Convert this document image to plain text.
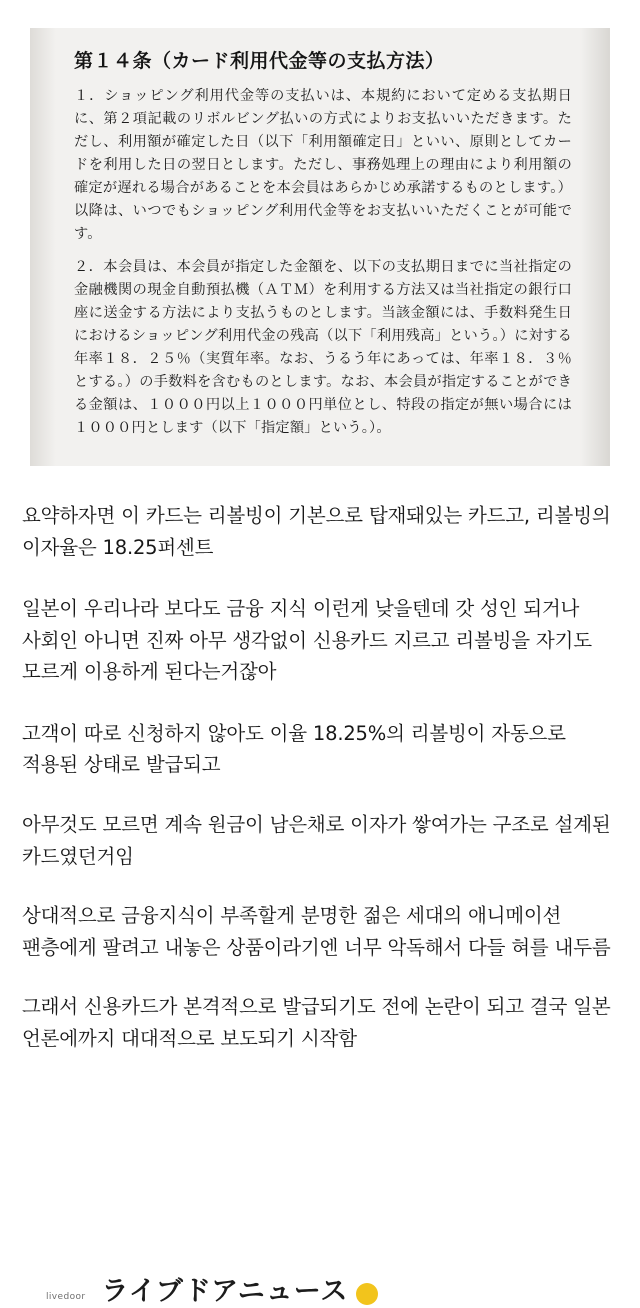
第１４条（カード利用代金等の支払方法）
１．ショッピング利用代金等の支払いは、本規約において定める支払期日に、第２項記載のリボルビング払いの方式によりお支払いいただきます。ただし、利用額が確定した日（以下「利用額確定日」といい、原則としてカードを利用した日の翌日とします。ただし、事務処理上の理由により利用額の確定が遅れる場合があることを本会員はあらかじめ承諾するものとします。）以降は、いつでもショッピング利用代金等をお支払いいただくことが可能です。
２．本会員は、本会員が指定した金額を、以下の支払期日までに当社指定の金融機関の現金自動預払機（ＡＴＭ）を利用する方法又は当社指定の銀行口座に送金する方法により支払うものとします。当該金額には、手数料発生日におけるショッピング利用代金の残高（以下「利用残高」という。）に対する年率１８．２５％（実質年率。なお、うるう年にあっては、年率１８．３％とする。）の手数料を含むものとします。なお、本会員が指定することができる金額は、１０００円以上１０００円単位とし、特段の指定が無い場合には１０００円とします（以下「指定額」という。）。

요약하자면 이 카드는 리볼빙이 기본으로 탑재돼있는 카드고, 리볼빙의 이자율은 18.25퍼센트

일본이 우리나라 보다도 금융 지식 이런게 낮을텐데 갓 성인 되거나 사회인 아니면 진짜 아무 생각없이 신용카드 지르고 리볼빙을 자기도 모르게 이용하게 된다는거잖아

고객이 따로 신청하지 않아도 이율 18.25%의 리볼빙이 자동으로 적용된 상태로 발급되고

아무것도 모르면 계속 원금이 남은채로 이자가 쌓여가는 구조로 설계된 카드였던거임

상대적으로 금융지식이 부족할게 분명한 젊은 세대의 애니메이션 팬층에게 팔려고 내놓은 상품이라기엔 너무 악독해서 다들 혀를 내두름

그래서 신용카드가 본격적으로 발급되기도 전에 논란이 되고 결국 일본 언론에까지 대대적으로 보도되기 시작함

livedoor ライブドアニュース
